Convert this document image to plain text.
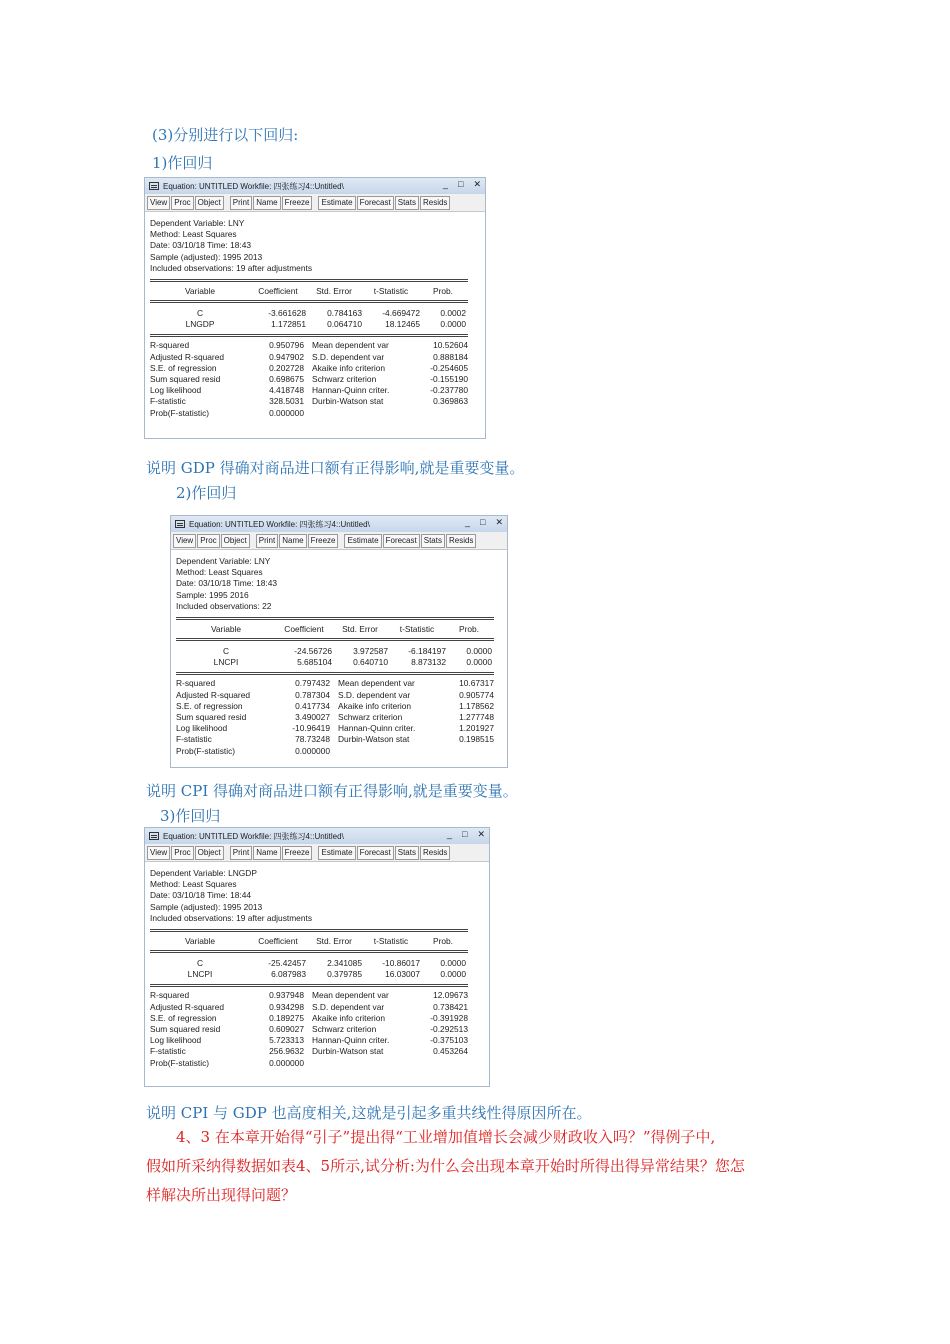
(3)分别进行以下回归:
1)作回归
Equation: UNTITLED Workfile: 四张练习4::Untitled\	_ □ ✕
View Proc Object	Print Name Freeze	Estimate Forecast Stats Resids
Dependent Variable: LNY
Method: Least Squares
Date: 03/10/18 Time: 18:43
Sample (adjusted): 1995 2013
Included observations: 19 after adjustments
Variable	Coefficient	Std. Error	t-Statistic	Prob.
C	-3.661628	0.784163	-4.669472	0.0002
LNGDP	1.172851	0.064710	18.12465	0.0000
R-squared	0.950796 Mean dependent var	10.52604
Adjusted R-squared	0.947902 S.D. dependent var	0.888184
S.E. of regression	0.202728 Akaike info criterion	-0.254605
Sum squared resid	0.698675 Schwarz criterion	-0.155190
Log likelihood	4.418748 Hannan-Quinn criter.	-0.237780
F-statistic	328.5031 Durbin-Watson stat	0.369863
Prob(F-statistic)	0.000000
说明 GDP 得确对商品进口额有正得影响,就是重要变量。
2)作回归
Equation: UNTITLED Workfile: 四张练习4::Untitled\	_ □ ✕
View Proc Object	Print Name Freeze	Estimate Forecast Stats Resids
Dependent Variable: LNY
Method: Least Squares
Date: 03/10/18 Time: 18:43
Sample: 1995 2016
Included observations: 22
Variable	Coefficient	Std. Error	t-Statistic	Prob.
C	-24.56726	3.972587	-6.184197	0.0000
LNCPI	5.685104	0.640710	8.873132	0.0000
R-squared	0.797432 Mean dependent var	10.67317
Adjusted R-squared	0.787304 S.D. dependent var	0.905774
S.E. of regression	0.417734 Akaike info criterion	1.178562
Sum squared resid	3.490027 Schwarz criterion	1.277748
Log likelihood	-10.96419 Hannan-Quinn criter.	1.201927
F-statistic	78.73248 Durbin-Watson stat	0.198515
Prob(F-statistic)	0.000000
说明 CPI 得确对商品进口额有正得影响,就是重要变量。
3)作回归
Equation: UNTITLED Workfile: 四张练习4::Untitled\	_ □ ✕
View Proc Object	Print Name Freeze	Estimate Forecast Stats Resids
Dependent Variable: LNGDP
Method: Least Squares
Date: 03/10/18 Time: 18:44
Sample (adjusted): 1995 2013
Included observations: 19 after adjustments
Variable	Coefficient	Std. Error	t-Statistic	Prob.
C	-25.42457	2.341085	-10.86017	0.0000
LNCPI	6.087983	0.379785	16.03007	0.0000
R-squared	0.937948 Mean dependent var	12.09673
Adjusted R-squared	0.934298 S.D. dependent var	0.738421
S.E. of regression	0.189275 Akaike info criterion	-0.391928
Sum squared resid	0.609027 Schwarz criterion	-0.292513
Log likelihood	5.723313 Hannan-Quinn criter.	-0.375103
F-statistic	256.9632 Durbin-Watson stat	0.453264
Prob(F-statistic)	0.000000
说明 CPI 与 GDP 也高度相关,这就是引起多重共线性得原因所在。

4、3 在本章开始得“引子”提出得“工业增加值增长会减少财政收入吗？”得例子中,

假如所采纳得数据如表4、5所示,试分析:为什么会出现本章开始时所得出得异常结果？您怎

样解决所出现得问题？
